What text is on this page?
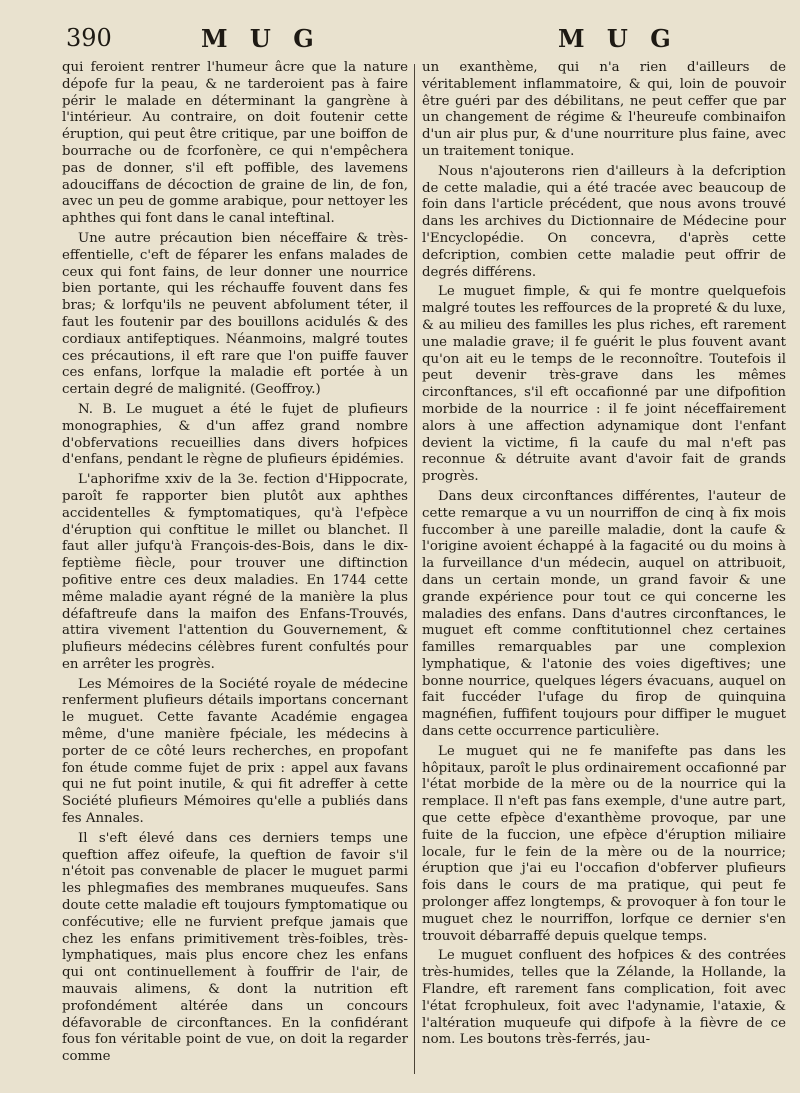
390	M U G	M U G

qui feroient rentrer l'humeur âcre que la nature dépofe fur la peau, & ne tarderoient pas à faire périr le malade en déterminant la gangrène à l'intérieur. Au contraire, on doit foutenir cette éruption, qui peut être critique, par une boiffon de bourrache ou de fcorfonère, ce qui n'empêchera pas de donner, s'il eft poffible, des lavemens adouciffans de décoction de graine de lin, de fon, avec un peu de gomme arabique, pour nettoyer les aphthes qui font dans le canal inteftinal.

Une autre précaution bien néceffaire & très-effentielle, c'eft de féparer les enfans malades de ceux qui font fains, de leur donner une nourrice bien portante, qui les réchauffe fouvent dans fes bras; & lorfqu'ils ne peuvent abfolument téter, il faut les foutenir par des bouillons acidulés & des cordiaux antifeptiques. Néanmoins, malgré toutes ces précautions, il eft rare que l'on puiffe fauver ces enfans, lorfque la maladie eft portée à un certain degré de malignité. (Geoffroy.)

N. B. Le muguet a été le fujet de plufieurs monographies, & d'un affez grand nombre d'obfervations recueillies dans divers hofpices d'enfans, pendant le règne de plufieurs épidémies.

L'aphorifme xxiv de la 3e. fection d'Hippocrate, paroît fe rapporter bien plutôt aux aphthes accidentelles & fymptomatiques, qu'à l'efpèce d'éruption qui conftitue le millet ou blanchet. Il faut aller jufqu'à François-des-Bois, dans le dix-feptième fiècle, pour trouver une diftinction pofitive entre ces deux maladies. En 1744 cette même maladie ayant régné de la manière la plus défaftreufe dans la maifon des Enfans-Trouvés, attira vivement l'attention du Gouvernement, & plufieurs médecins célèbres furent confultés pour en arrêter les progrès.

Les Mémoires de la Société royale de médecine renferment plufieurs détails importans concernant le muguet. Cette favante Académie engagea même, d'une manière fpéciale, les médecins à porter de ce côté leurs recherches, en propofant fon étude comme fujet de prix : appel aux favans qui ne fut point inutile, & qui fit adreffer à cette Société plufieurs Mémoires qu'elle a publiés dans fes Annales.

Il s'eft élevé dans ces derniers temps une queftion affez oifeufe, la queftion de favoir s'il n'étoit pas convenable de placer le muguet parmi les phlegmafies des membranes muqueufes. Sans doute cette maladie eft toujours fymptomatique ou confécutive; elle ne furvient prefque jamais que chez les enfans primitivement très-foibles, très-lymphatiques, mais plus encore chez les enfans qui ont continuellement à fouffrir de l'air, de mauvais alimens, & dont la nutrition eft profondément altérée dans un concours défavorable de circonftances. En la confidérant fous fon véritable point de vue, on doit la regarder comme

un exanthème, qui n'a rien d'ailleurs de véritablement inflammatoire, & qui, loin de pouvoir être guéri par des débilitans, ne peut ceffer que par un changement de régime & l'heureufe combinaifon d'un air plus pur, & d'une nourriture plus faine, avec un traitement tonique.

Nous n'ajouterons rien d'ailleurs à la defcription de cette maladie, qui a été tracée avec beaucoup de foin dans l'article précédent, que nous avons trouvé dans les archives du Dictionnaire de Médecine pour l'Encyclopédie. On concevra, d'après cette defcription, combien cette maladie peut offrir de degrés différens.

Le muguet fimple, & qui fe montre quelquefois malgré toutes les reffources de la propreté & du luxe, & au milieu des familles les plus riches, eft rarement une maladie grave; il fe guérit le plus fouvent avant qu'on ait eu le temps de le reconnoître. Toutefois il peut devenir très-grave dans les mêmes circonftances, s'il eft occafionné par une difpofition morbide de la nourrice : il fe joint néceffairement alors à une affection adynamique dont l'enfant devient la victime, fi la caufe du mal n'eft pas reconnue & détruite avant d'avoir fait de grands progrès.

Dans deux circonftances différentes, l'auteur de cette remarque a vu un nourriffon de cinq à fix mois fuccomber à une pareille maladie, dont la caufe & l'origine avoient échappé à la fagacité ou du moins à la furveillance d'un médecin, auquel on attribuoit, dans un certain monde, un grand favoir & une grande expérience pour tout ce qui concerne les maladies des enfans. Dans d'autres circonftances, le muguet eft comme conftitutionnel chez certaines familles remarquables par une complexion lymphatique, & l'atonie des voies digeftives; une bonne nourrice, quelques légers évacuans, auquel on fait fuccéder l'ufage du firop de quinquina magnéfien, fuffifent toujours pour diffiper le muguet dans cette occurrence particulière.

Le muguet qui ne fe manifefte pas dans les hôpitaux, paroît le plus ordinairement occafionné par l'état morbide de la mère ou de la nourrice qui la remplace. Il n'eft pas fans exemple, d'une autre part, que cette efpèce d'exanthème provoque, par une fuite de la fuccion, une efpèce d'éruption miliaire locale, fur le fein de la mère ou de la nourrice; éruption que j'ai eu l'occafion d'obferver plufieurs fois dans le cours de ma pratique, qui peut fe prolonger affez longtemps, & provoquer à fon tour le muguet chez le nourriffon, lorfque ce dernier s'en trouvoit débarraffé depuis quelque temps.

Le muguet confluent des hofpices & des contrées très-humides, telles que la Zélande, la Hollande, la Flandre, eft rarement fans complication, foit avec l'état fcrophuleux, foit avec l'adynamie, l'ataxie, & l'altération muqueufe qui difpofe à la fièvre de ce nom. Les boutons très-ferrés, jau-
